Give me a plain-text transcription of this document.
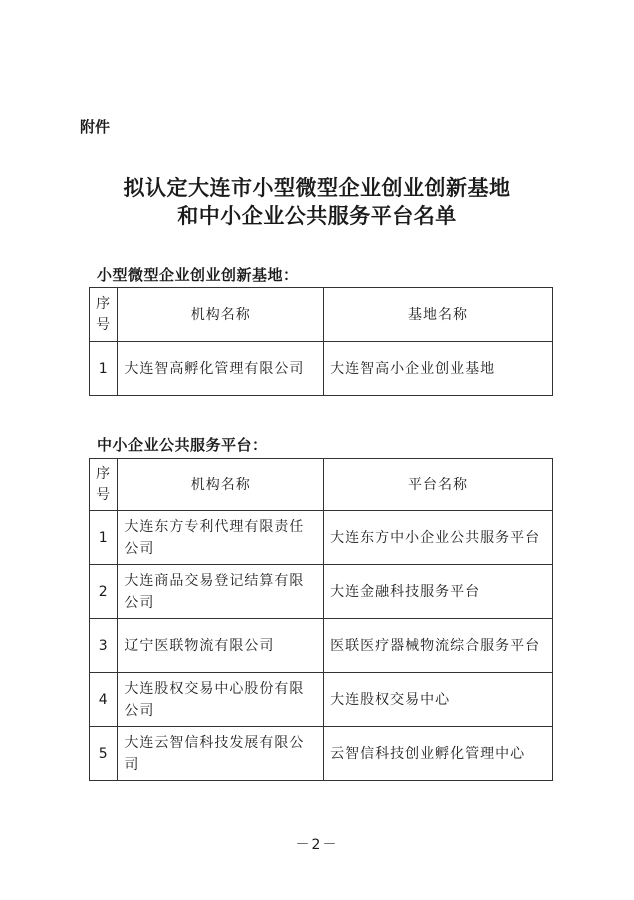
附件
拟认定大连市小型微型企业创业创新基地
和中小企业公共服务平台名单
小型微型企业创业创新基地：
序
号	机构名称	基地名称
1	大连智高孵化管理有限公司	大连智高小企业创业基地
中小企业公共服务平台：
序
号	机构名称	平台名称
1	大连东方专利代理有限责任公司	大连东方中小企业公共服务平台
2	大连商品交易登记结算有限公司	大连金融科技服务平台
3	辽宁医联物流有限公司	医联医疗器械物流综合服务平台
4	大连股权交易中心股份有限公司	大连股权交易中心
5	大连云智信科技发展有限公司	云智信科技创业孵化管理中心
－2－
